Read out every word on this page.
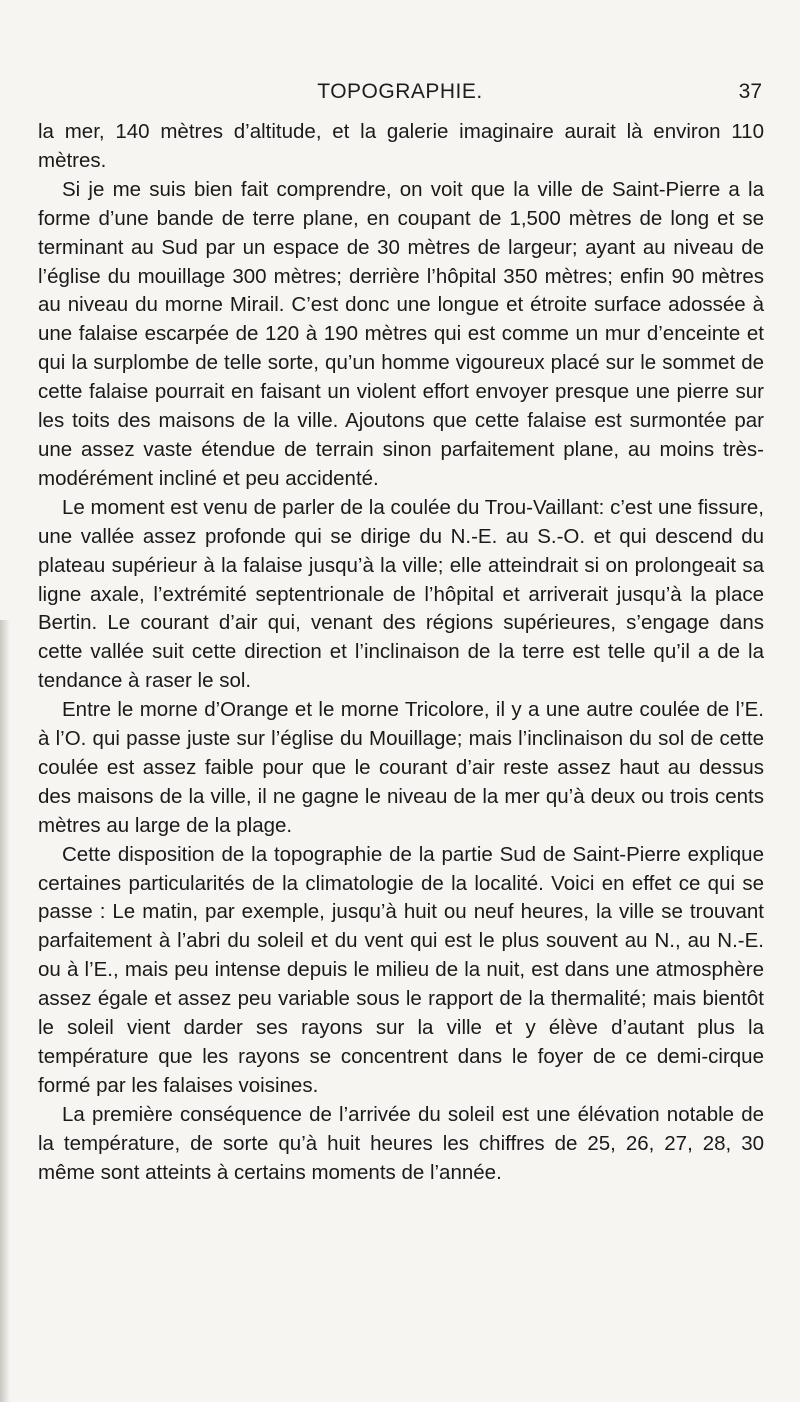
TOPOGRAPHIE.	37

la mer, 140 mètres d’altitude, et la galerie imaginaire aurait là environ 110 mètres.

Si je me suis bien fait comprendre, on voit que la ville de Saint-Pierre a la forme d’une bande de terre plane, en coupant de 1,500 mètres de long et se terminant au Sud par un espace de 30 mètres de largeur; ayant au niveau de l’église du mouillage 300 mètres; derrière l’hôpital 350 mètres; enfin 90 mètres au niveau du morne Mirail. C’est donc une longue et étroite surface adossée à une falaise escarpée de 120 à 190 mètres qui est comme un mur d’enceinte et qui la surplombe de telle sorte, qu’un homme vigoureux placé sur le sommet de cette falaise pourrait en faisant un violent effort envoyer presque une pierre sur les toits des maisons de la ville. Ajoutons que cette falaise est surmontée par une assez vaste étendue de terrain sinon parfaitement plane, au moins très-modérément incliné et peu accidenté.

Le moment est venu de parler de la coulée du Trou-Vaillant: c’est une fissure, une vallée assez profonde qui se dirige du N.-E. au S.-O. et qui descend du plateau supérieur à la falaise jusqu’à la ville; elle atteindrait si on prolongeait sa ligne axale, l’extrémité septentrionale de l’hôpital et arriverait jusqu’à la place Bertin. Le courant d’air qui, venant des régions supérieures, s’engage dans cette vallée suit cette direction et l’inclinaison de la terre est telle qu’il a de la tendance à raser le sol.

Entre le morne d’Orange et le morne Tricolore, il y a une autre coulée de l’E. à l’O. qui passe juste sur l’église du Mouillage; mais l’inclinaison du sol de cette coulée est assez faible pour que le courant d’air reste assez haut au dessus des maisons de la ville, il ne gagne le niveau de la mer qu’à deux ou trois cents mètres au large de la plage.

Cette disposition de la topographie de la partie Sud de Saint-Pierre explique certaines particularités de la climatologie de la localité. Voici en effet ce qui se passe : Le matin, par exemple, jusqu’à huit ou neuf heures, la ville se trouvant parfaitement à l’abri du soleil et du vent qui est le plus souvent au N., au N.-E. ou à l’E., mais peu intense depuis le milieu de la nuit, est dans une atmosphère assez égale et assez peu variable sous le rapport de la thermalité; mais bientôt le soleil vient darder ses rayons sur la ville et y élève d’autant plus la température que les rayons se concentrent dans le foyer de ce demi-cirque formé par les falaises voisines.

La première conséquence de l’arrivée du soleil est une élévation notable de la température, de sorte qu’à huit heures les chiffres de 25, 26, 27, 28, 30 même sont atteints à certains moments de l’année.
